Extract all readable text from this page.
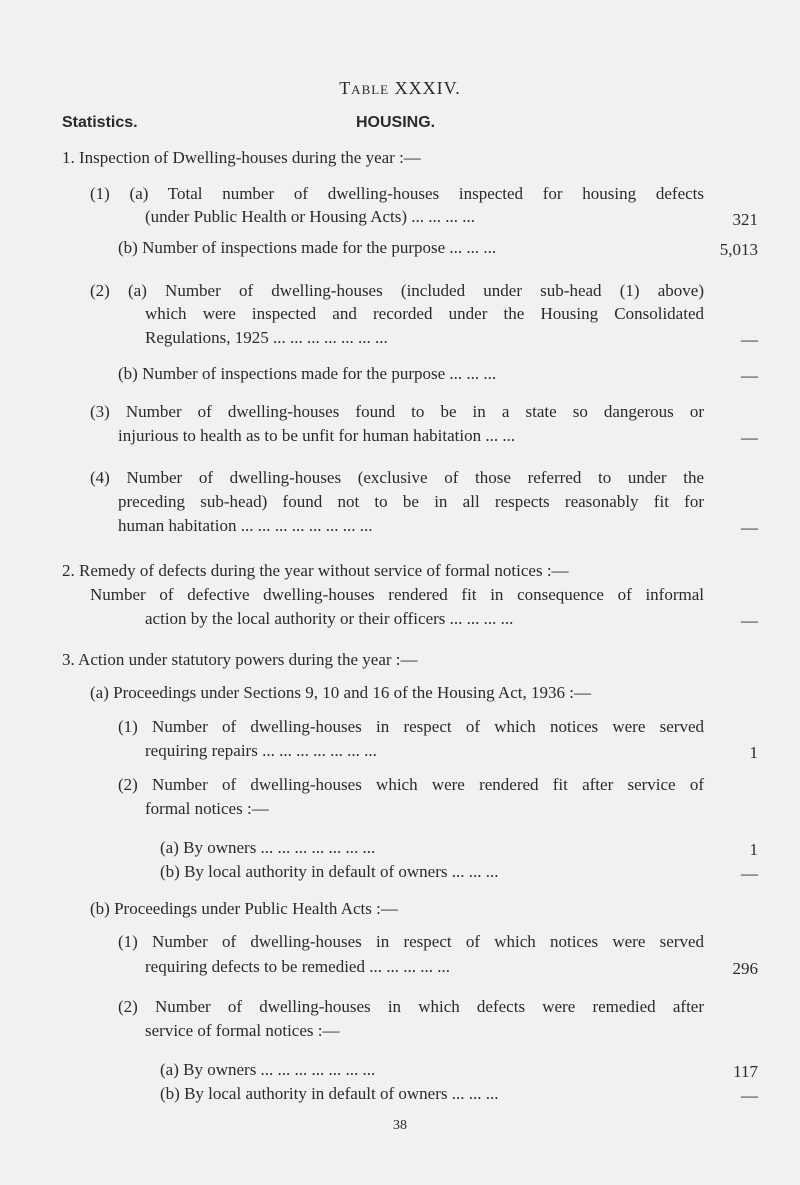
Table XXXIV.
Statistics.	HOUSING.
1. Inspection of Dwelling-houses during the year :—
(1) (a) Total number of dwelling-houses inspected for housing defects
(under Public Health or Housing Acts) ... ... ... ...	321
(b) Number of inspections made for the purpose ... ... ...	5,013
(2) (a) Number of dwelling-houses (included under sub-head (1) above)
which were inspected and recorded under the Housing Consolidated
Regulations, 1925 ... ... ... ... ... ... ...	—
(b) Number of inspections made for the purpose ... ... ...	—
(3) Number of dwelling-houses found to be in a state so dangerous or
injurious to health as to be unfit for human habitation ... ...	—
(4) Number of dwelling-houses (exclusive of those referred to under the
preceding sub-head) found not to be in all respects reasonably fit for
human habitation ... ... ... ... ... ... ... ...	—
2. Remedy of defects during the year without service of formal notices :—
Number of defective dwelling-houses rendered fit in consequence of informal
action by the local authority or their officers ... ... ... ...	—
3. Action under statutory powers during the year :—
(a) Proceedings under Sections 9, 10 and 16 of the Housing Act, 1936 :—
(1) Number of dwelling-houses in respect of which notices were served
requiring repairs ... ... ... ... ... ... ...	1
(2) Number of dwelling-houses which were rendered fit after service of
formal notices :—
(a) By owners ... ... ... ... ... ... ...	1
(b) By local authority in default of owners ... ... ...	—
(b) Proceedings under Public Health Acts :—
(1) Number of dwelling-houses in respect of which notices were served
requiring defects to be remedied ... ... ... ... ...	296
(2) Number of dwelling-houses in which defects were remedied after
service of formal notices :—
(a) By owners ... ... ... ... ... ... ...	117
(b) By local authority in default of owners ... ... ...	—
38
